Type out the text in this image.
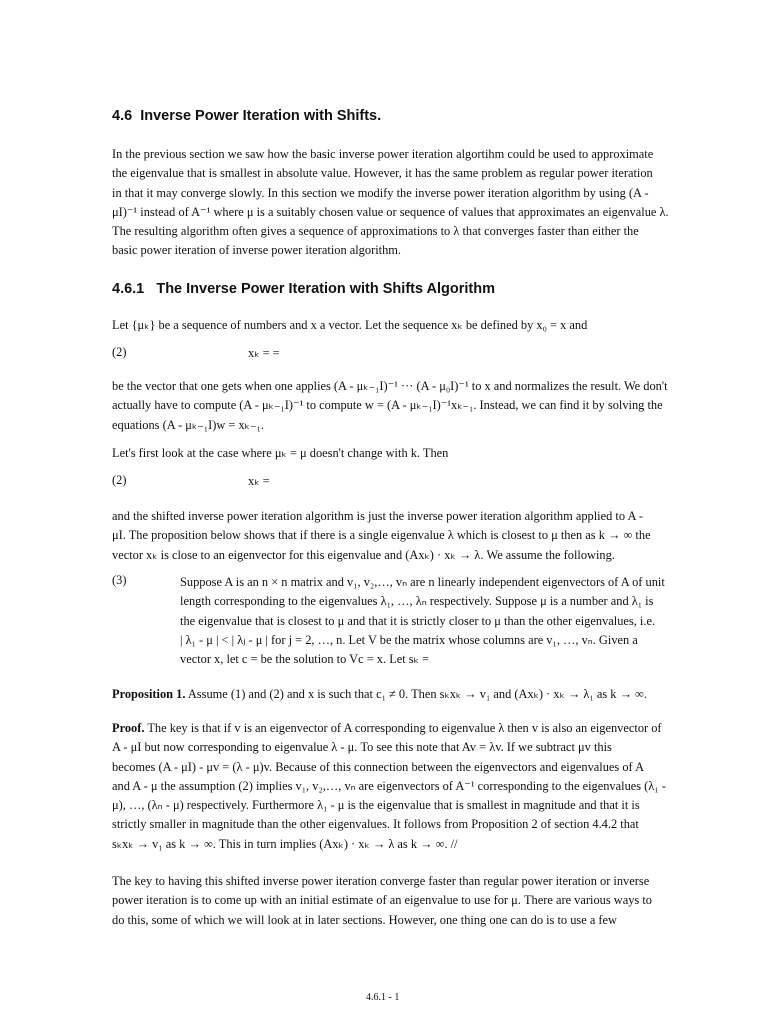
4.6 Inverse Power Iteration with Shifts.
In the previous section we saw how the basic inverse power iteration algortihm could be used to approximate
the eigenvalue that is smallest in absolute value. However, it has the same problem as regular power iteration
in that it may converge slowly. In this section we modify the inverse power iteration algorithm by using (A -
μI)⁻¹ instead of A⁻¹ where μ is a suitably chosen value or sequence of values that approximates an eigenvalue λ.
The resulting algorithm often gives a sequence of approximations to λ that converges faster than either the
basic power iteration of inverse power iteration algorithm.
4.6.1 The Inverse Power Iteration with Shifts Algorithm
Let {μₖ} be a sequence of numbers and x a vector. Let the sequence xₖ be defined by x₀ = x and
(2)	xₖ = =
be the vector that one gets when one applies (A - μₖ₋₁I)⁻¹ ··· (A - μ₀I)⁻¹ to x and normalizes the result. We don't
actually have to compute (A - μₖ₋₁I)⁻¹ to compute w = (A - μₖ₋₁I)⁻¹xₖ₋₁. Instead, we can find it by solving the
equations (A - μₖ₋₁I)w = xₖ₋₁.
Let's first look at the case where μₖ = μ doesn't change with k. Then
(2)	xₖ =
and the shifted inverse power iteration algorithm is just the inverse power iteration algorithm applied to A -
μI. The proposition below shows that if there is a single eigenvalue λ which is closest to μ then as k → ∞ the
vector xₖ is close to an eigenvector for this eigenvalue and (Axₖ) · xₖ → λ. We assume the following.
(3)	Suppose A is an n × n matrix and v₁, v₂,…, vₙ are n linearly independent eigenvectors of A of unit
length corresponding to the eigenvalues λ₁, …, λₙ respectively. Suppose μ is a number and λ₁ is
the eigenvalue that is closest to μ and that it is strictly closer to μ than the other eigenvalues, i.e.
| λ₁ - μ | < | λⱼ - μ | for j = 2, …, n. Let V be the matrix whose columns are v₁, …, vₙ. Given a
vector x, let c = be the solution to Vc = x. Let sₖ =
Proposition 1. Assume (1) and (2) and x is such that c₁ ≠ 0. Then sₖxₖ → v₁ and (Axₖ) · xₖ → λ₁ as k → ∞.
Proof. The key is that if v is an eigenvector of A corresponding to eigenvalue λ then v is also an eigenvector of
A - μI but now corresponding to eigenvalue λ - μ. To see this note that Av = λv. If we subtract μv this
becomes (A - μI) - μv = (λ - μ)v. Because of this connection between the eigenvectors and eigenvalues of A
and A - μ the assumption (2) implies v₁, v₂,…, vₙ are eigenvectors of A⁻¹ corresponding to the eigenvalues (λ₁ -
μ), …, (λₙ - μ) respectively. Furthermore λ₁ - μ is the eigenvalue that is smallest in magnitude and that it is
strictly smaller in magnitude than the other eigenvalues. It follows from Proposition 2 of section 4.4.2 that
sₖxₖ → v₁ as k → ∞. This in turn implies (Axₖ) · xₖ → λ as k → ∞. //
The key to having this shifted inverse power iteration converge faster than regular power iteration or inverse
power iteration is to come up with an initial estimate of an eigenvalue to use for μ. There are various ways to
do this, some of which we will look at in later sections. However, one thing one can do is to use a few
4.6.1 - 1
